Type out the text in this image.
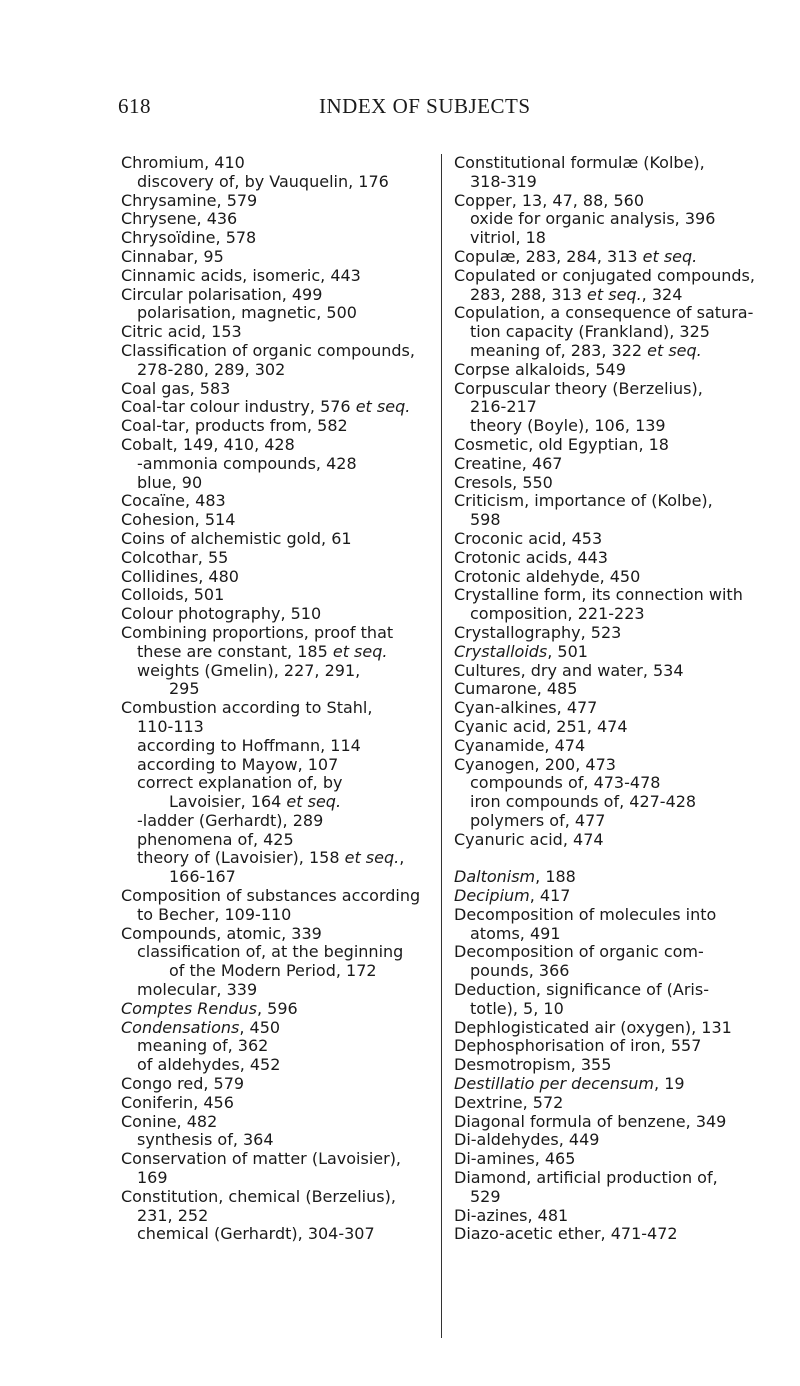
618	INDEX OF SUBJECTS
Chromium, 410
discovery of, by Vauquelin, 176
Chrysamine, 579
Chrysene, 436
Chrysoïdine, 578
Cinnabar, 95
Cinnamic acids, isomeric, 443
Circular polarisation, 499
polarisation, magnetic, 500
Citric acid, 153
Classification of organic compounds,
278-280, 289, 302
Coal gas, 583
Coal-tar colour industry, 576 et seq.
Coal-tar, products from, 582
Cobalt, 149, 410, 428
-ammonia compounds, 428
blue, 90
Cocaïne, 483
Cohesion, 514
Coins of alchemistic gold, 61
Colcothar, 55
Collidines, 480
Colloids, 501
Colour photography, 510
Combining proportions, proof that
these are constant, 185 et seq.
weights (Gmelin), 227, 291,
295
Combustion according to Stahl,
110-113
according to Hoffmann, 114
according to Mayow, 107
correct explanation of, by
Lavoisier, 164 et seq.
-ladder (Gerhardt), 289
phenomena of, 425
theory of (Lavoisier), 158 et seq.,
166-167
Composition of substances according
to Becher, 109-110
Compounds, atomic, 339
classification of, at the beginning
of the Modern Period, 172
molecular, 339
Comptes Rendus, 596
Condensations, 450
meaning of, 362
of aldehydes, 452
Congo red, 579
Coniferin, 456
Conine, 482
synthesis of, 364
Conservation of matter (Lavoisier),
169
Constitution, chemical (Berzelius),
231, 252
chemical (Gerhardt), 304-307
Constitutional formulæ (Kolbe),
318-319
Copper, 13, 47, 88, 560
oxide for organic analysis, 396
vitriol, 18
Copulæ, 283, 284, 313 et seq.
Copulated or conjugated compounds,
283, 288, 313 et seq., 324
Copulation, a consequence of satura-
tion capacity (Frankland), 325
meaning of, 283, 322 et seq.
Corpse alkaloids, 549
Corpuscular theory (Berzelius),
216-217
theory (Boyle), 106, 139
Cosmetic, old Egyptian, 18
Creatine, 467
Cresols, 550
Criticism, importance of (Kolbe),
598
Croconic acid, 453
Crotonic acids, 443
Crotonic aldehyde, 450
Crystalline form, its connection with
composition, 221-223
Crystallography, 523
Crystalloids, 501
Cultures, dry and water, 534
Cumarone, 485
Cyan-alkines, 477
Cyanic acid, 251, 474
Cyanamide, 474
Cyanogen, 200, 473
compounds of, 473-478
iron compounds of, 427-428
polymers of, 477
Cyanuric acid, 474
Daltonism, 188
Decipium, 417
Decomposition of molecules into
atoms, 491
Decomposition of organic com-
pounds, 366
Deduction, significance of (Aris-
totle), 5, 10
Dephlogisticated air (oxygen), 131
Dephosphorisation of iron, 557
Desmotropism, 355
Destillatio per decensum, 19
Dextrine, 572
Diagonal formula of benzene, 349
Di-aldehydes, 449
Di-amines, 465
Diamond, artificial production of,
529
Di-azines, 481
Diazo-acetic ether, 471-472
